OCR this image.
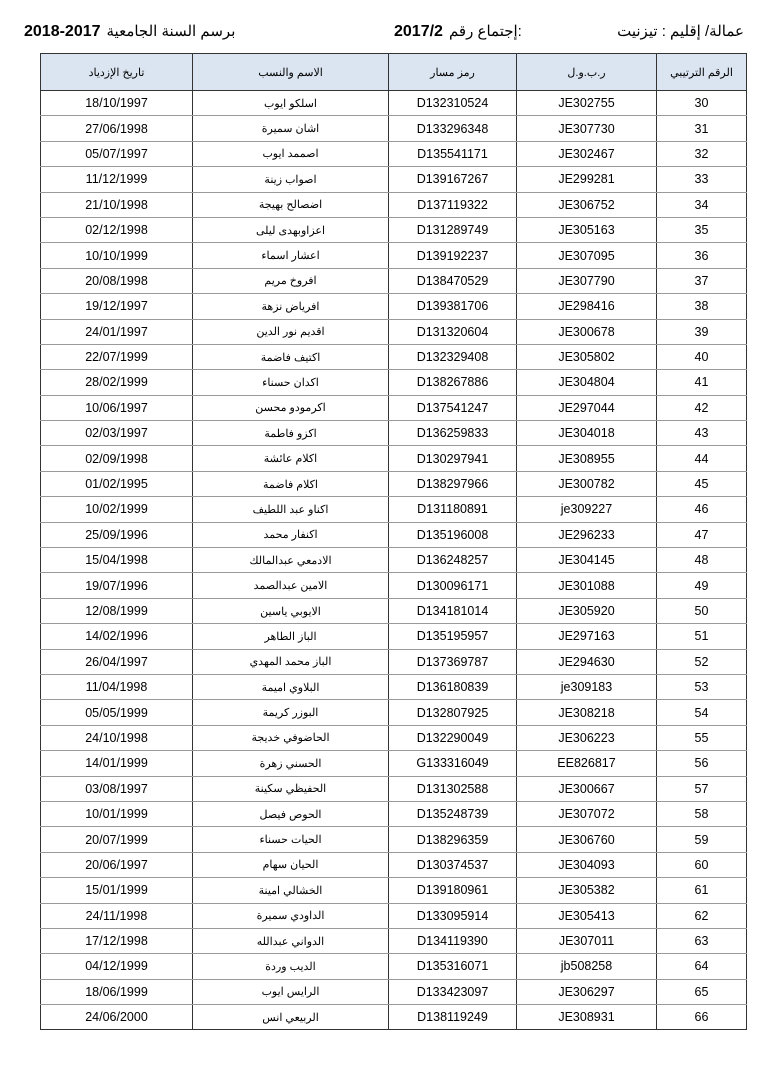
2018-2017 برسم السنة الجامعية	2017/2 إجتماع رقم:	عمالة/ إقليم : تيزنيت
تاريخ الإزدياد	الاسم والنسب	رمز مسار	ر.ب.و.ل	الرقم الترتيبي
18/10/1997	اسلكو ايوب	D132310524	JE302755	30
27/06/1998	اشان سميرة	D133296348	JE307730	31
05/07/1997	اصممد ايوب	D135541171	JE302467	32
11/12/1999	اصواب زينة	D139167267	JE299281	33
21/10/1998	اضصالح بهيجة	D137119322	JE306752	34
02/12/1998	اعزاوبهدى ليلى	D131289749	JE305163	35
10/10/1999	اعشار اسماء	D139192237	JE307095	36
20/08/1998	افروخ مريم	D138470529	JE307790	37
19/12/1997	افرياض نزهة	D139381706	JE298416	38
24/01/1997	اقديم نور الدين	D131320604	JE300678	39
22/07/1999	اكتيف فاضمة	D132329408	JE305802	40
28/02/1999	اكدان حسناء	D138267886	JE304804	41
10/06/1997	اكرمودو محسن	D137541247	JE297044	42
02/03/1997	اكزو فاطمة	D136259833	JE304018	43
02/09/1998	اكلام عائشة	D130297941	JE308955	44
01/02/1995	اكلام فاضمة	D138297966	JE300782	45
10/02/1999	اكناو عبد اللطيف	D131180891	je309227	46
25/09/1996	اكنفار محمد	D135196008	JE296233	47
15/04/1998	الادمعي عبدالمالك	D136248257	JE304145	48
19/07/1996	الامين عبدالصمد	D130096171	JE301088	49
12/08/1999	الايوبي ياسين	D134181014	JE305920	50
14/02/1996	الباز الطاهر	D135195957	JE297163	51
26/04/1997	الباز محمد المهدي	D137369787	JE294630	52
11/04/1998	البلاوي اميمة	D136180839	je309183	53
05/05/1999	البوزر كريمة	D132807925	JE308218	54
24/10/1998	الحاضوفي خديجة	D132290049	JE306223	55
14/01/1999	الحسني زهرة	G133316049	EE826817	56
03/08/1997	الحفيظي سكينة	D131302588	JE300667	57
10/01/1999	الحوص فيصل	D135248739	JE307072	58
20/07/1999	الحيات حسناء	D138296359	JE306760	59
20/06/1997	الحيان سهام	D130374537	JE304093	60
15/01/1999	الخشالي امينة	D139180961	JE305382	61
24/11/1998	الداودي سميرة	D133095914	JE305413	62
17/12/1998	الدواني عبدالله	D134119390	JE307011	63
04/12/1999	الديب وردة	D135316071	jb508258	64
18/06/1999	الرايس ايوب	D133423097	JE306297	65
24/06/2000	الربيعي انس	D138119249	JE308931	66
